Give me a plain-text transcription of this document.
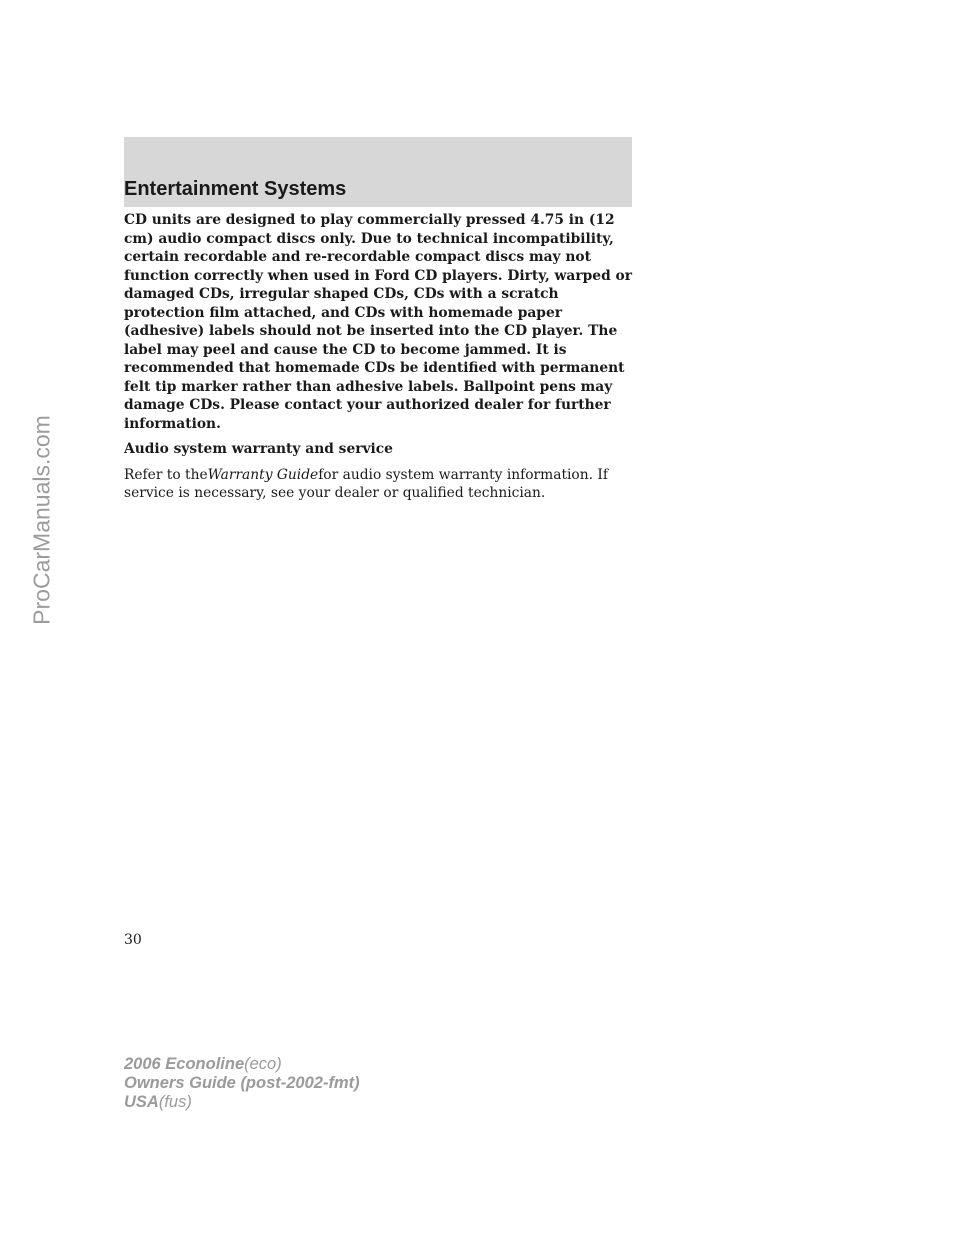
Entertainment Systems

CD units are designed to play commercially pressed 4.75 in (12 cm) audio compact discs only. Due to technical incompatibility, certain recordable and re-recordable compact discs may not function correctly when used in Ford CD players. Dirty, warped or damaged CDs, irregular shaped CDs, CDs with a scratch protection film attached, and CDs with homemade paper (adhesive) labels should not be inserted into the CD player. The label may peel and cause the CD to become jammed. It is recommended that homemade CDs be identified with permanent felt tip marker rather than adhesive labels. Ballpoint pens may damage CDs. Please contact your authorized dealer for further information.

Audio system warranty and service

Refer to theWarranty Guidefor audio system warranty information. If service is necessary, see your dealer or qualified technician.

30
2006 Econoline(eco)
Owners Guide (post-2002-fmt)
USA(fus)
ProCarManuals.com
